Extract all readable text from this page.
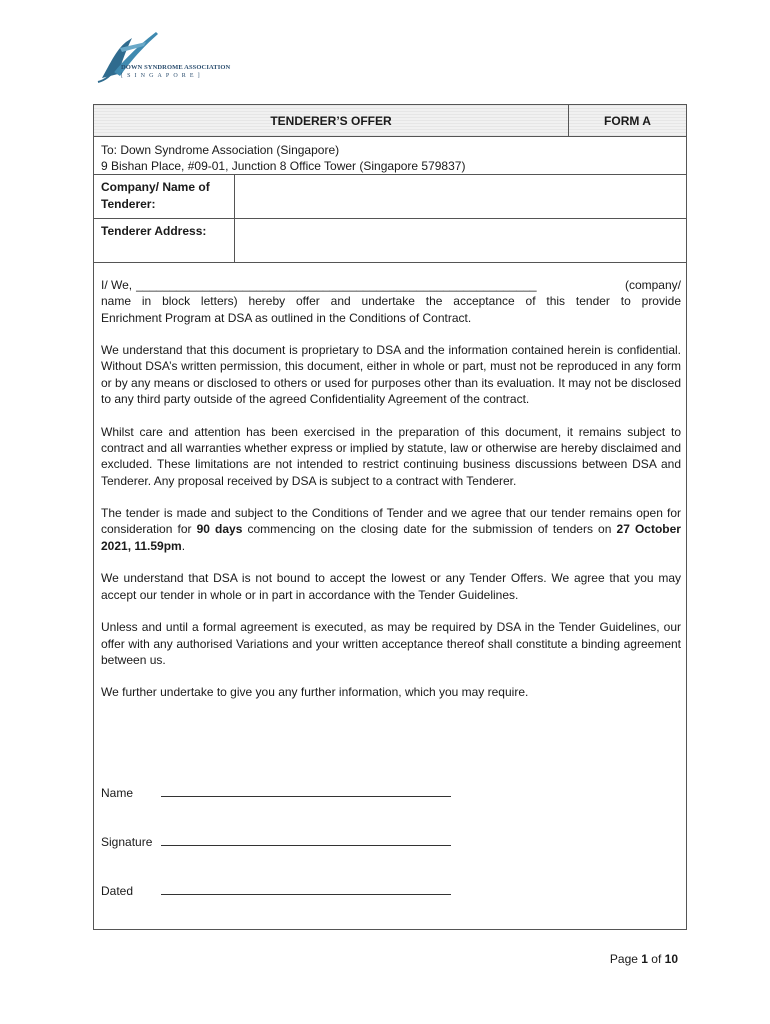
DOWN SYNDROME ASSOCIATION
[SINGAPORE]
TENDERER’S OFFER	FORM A
To: Down Syndrome Association (Singapore)
9 Bishan Place, #09-01, Junction 8 Office Tower (Singapore 579837)
Company/ Name of
Tenderer:
Tenderer Address:

I/ We, ____________________________________________________________	(company/
name in block letters) hereby offer and undertake the acceptance of this tender to provide
Enrichment Program at DSA as outlined in the Conditions of Contract.

We understand that this document is proprietary to DSA and the information contained herein is confidential. Without DSA’s written permission, this document, either in whole or part, must not be reproduced in any form or by any means or disclosed to others or used for purposes other than its evaluation. It may not be disclosed to any third party outside of the agreed Confidentiality Agreement of the contract.

Whilst care and attention has been exercised in the preparation of this document, it remains subject to contract and all warranties whether express or implied by statute, law or otherwise are hereby disclaimed and excluded. These limitations are not intended to restrict continuing business discussions between DSA and Tenderer. Any proposal received by DSA is subject to a contract with Tenderer.

The tender is made and subject to the Conditions of Tender and we agree that our tender remains open for consideration for 90 days commencing on the closing date for the submission of tenders on 27 October 2021, 11.59pm.

We understand that DSA is not bound to accept the lowest or any Tender Offers. We agree that you may accept our tender in whole or in part in accordance with the Tender Guidelines.

Unless and until a formal agreement is executed, as may be required by DSA in the Tender Guidelines, our offer with any authorised Variations and your written acceptance thereof shall constitute a binding agreement between us.

We further undertake to give you any further information, which you may require.

Name
Signature
Dated
Page 1 of 10
